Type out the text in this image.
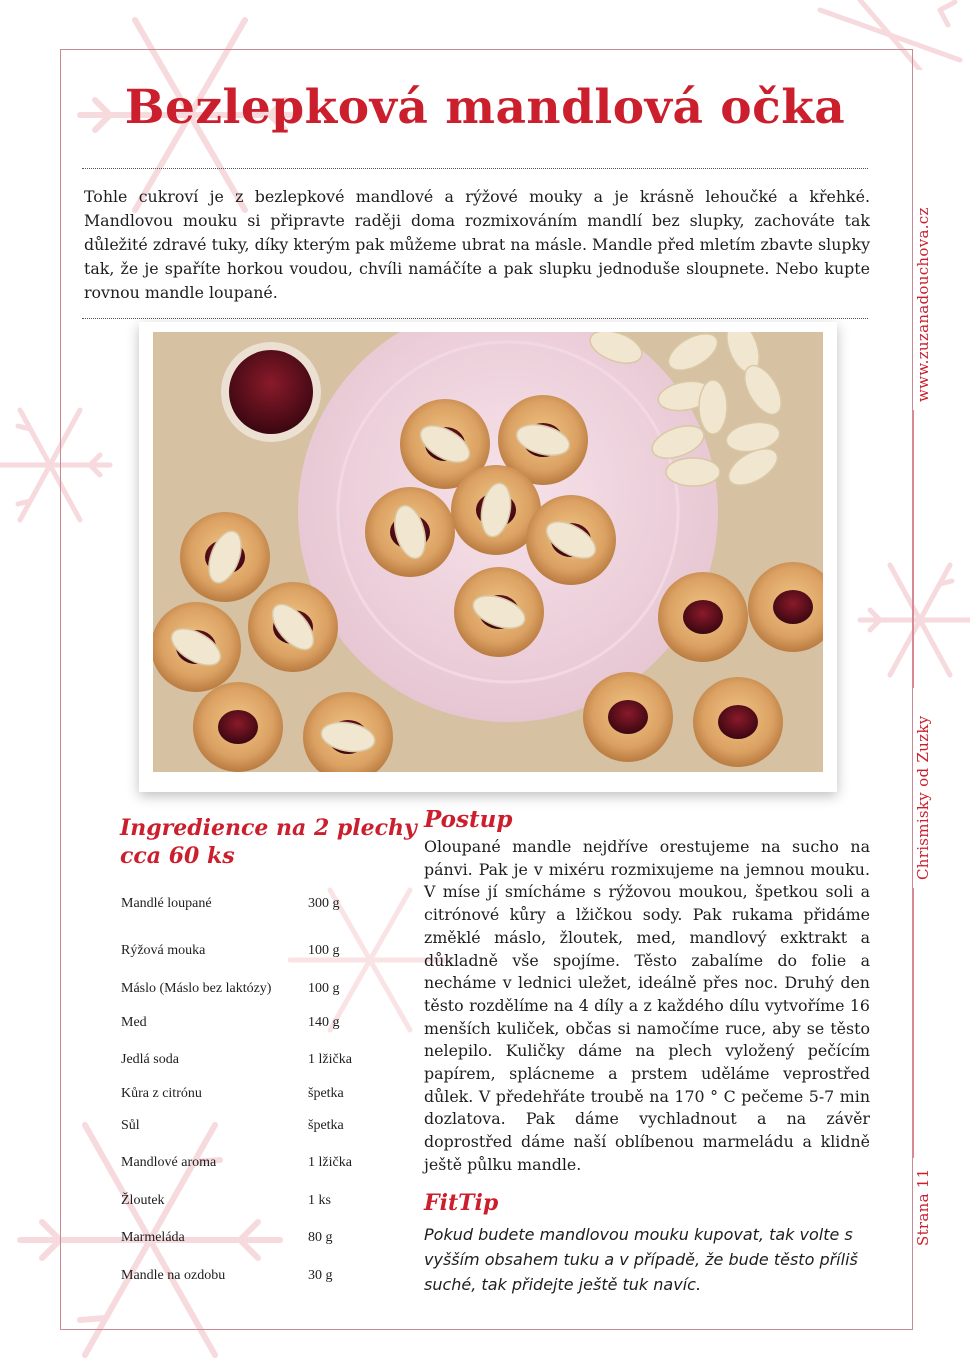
Bezlepková mandlová očka

Tohle cukroví je z bezlepkové mandlové a rýžové mouky a je krásně lehoučké a křehké. Mandlovou mouku si připravte raději doma rozmixováním mandlí bez slupky, zachováte tak důležité zdravé tuky, díky kterým pak můžeme ubrat na másle. Mandle před mletím zbavte slupky tak, že je spaříte horkou voudou, chvíli namáčíte a pak slupku jednoduše sloupnete. Nebo kupte rovnou mandle loupané.	www.zuzanadouchova.cz
Chrismisky od Zuzky
Strana 11
Ingredience na 2 plechy
cca 60 ks
Mandlé loupané	300 g
Rýžová mouka	100 g
Máslo (Máslo bez laktózy)	100 g
Med	140 g
Jedlá soda	1 lžička
Kůra z citrónu	špetka
Sůl	špetka
Mandlové aroma	1 lžička
Žloutek	1 ks
Marmeláda	80 g
Mandle na ozdobu	30 g
Postup

Oloupané mandle nejdříve orestujeme na sucho na pánvi. Pak je v mixéru rozmixujeme na jemnou mouku. V míse jí smícháme s rýžovou moukou, špetkou soli a citrónové kůry a lžičkou sody. Pak rukama přidáme změklé máslo, žloutek, med, mandlový exktrakt a důkladně vše spojíme. Těsto zabalíme do folie a necháme v lednici uležet, ideálně přes noc. Druhý den těsto rozdělíme na 4 díly a z každého dílu vytvoříme 16 menších kuliček, občas si namočíme ruce, aby se těsto nelepilo. Kuličky dáme na plech vyložený pečícím papírem, splácneme a prstem uděláme veprostřed důlek. V předehřáte troubě na 170 ° C pečeme 5-7 min dozlatova. Pak dáme vychladnout a na závěr doprostřed dáme naší oblíbenou marmeládu a klidně ještě půlku mandle.

FitTip

Pokud budete mandlovou mouku kupovat, tak volte s vyšším obsahem tuku a v případě, že bude těsto příliš suché, tak přidejte ještě tuk navíc.
